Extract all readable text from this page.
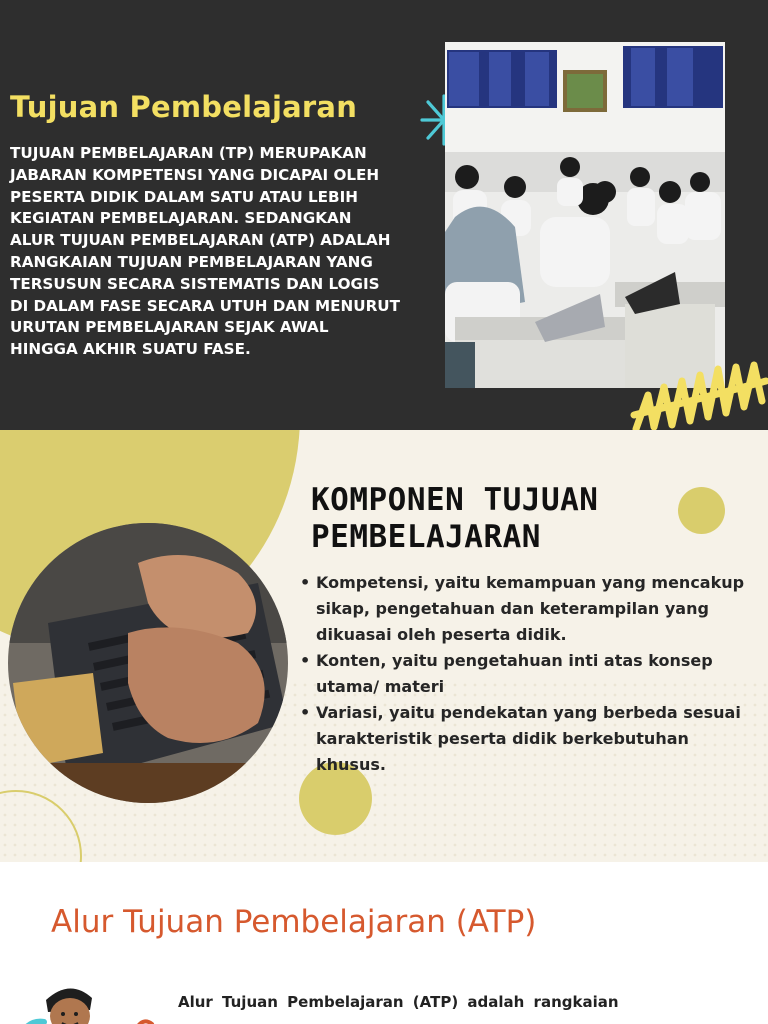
Tujuan Pembelajaran

TUJUAN PEMBELAJARAN (TP) MERUPAKAN
JABARAN KOMPETENSI YANG DICAPAI OLEH
PESERTA DIDIK DALAM SATU ATAU LEBIH
KEGIATAN PEMBELAJARAN. SEDANGKAN
ALUR TUJUAN PEMBELAJARAN (ATP) ADALAH
RANGKAIAN TUJUAN PEMBELAJARAN YANG
TERSUSUN SECARA SISTEMATIS DAN LOGIS
DI DALAM FASE SECARA UTUH DAN MENURUT
URUTAN PEMBELAJARAN SEJAK AWAL
HINGGA AKHIR SUATU FASE.

KOMPONEN TUJUAN
PEMBELAJARAN
• Kompetensi, yaitu kemampuan yang mencakup sikap, pengetahuan dan keterampilan yang dikuasai oleh peserta didik.
• Konten, yaitu pengetahuan inti atas konsep utama/ materi
• Variasi, yaitu pendekatan yang berbeda sesuai karakteristik peserta didik berkebutuhan khusus.
Alur Tujuan Pembelajaran (ATP)

Alur Tujuan Pembelajaran (ATP) adalah rangkaian
